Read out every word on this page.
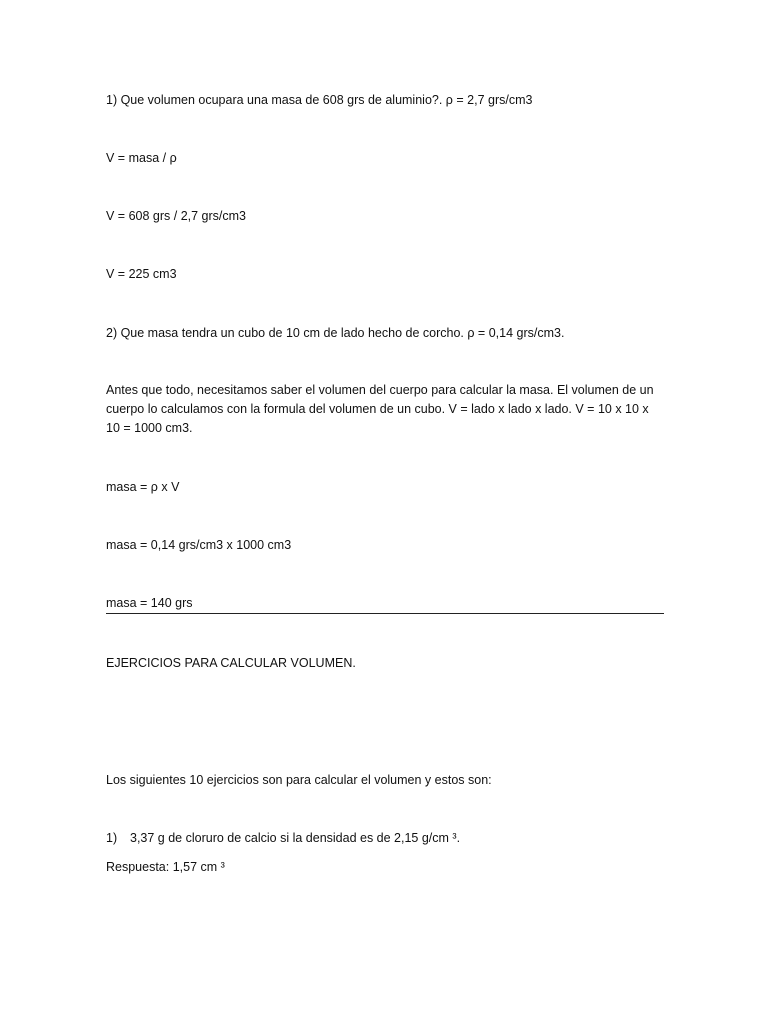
1) Que volumen ocupara una masa de 608 grs de aluminio?. ρ = 2,7 grs/cm3
V = masa / ρ
V = 608 grs / 2,7 grs/cm3
V = 225 cm3
2) Que masa tendra un cubo de 10 cm de lado hecho de corcho. ρ = 0,14 grs/cm3.
Antes que todo, necesitamos saber el volumen del cuerpo para calcular la masa. El volumen de un
cuerpo lo calculamos con la formula del volumen de un cubo. V = lado x lado x lado. V = 10 x 10 x
10 = 1000 cm3.
masa = ρ x V
masa = 0,14 grs/cm3 x 1000 cm3
masa = 140 grs
EJERCICIOS PARA CALCULAR VOLUMEN.
Los siguientes 10 ejercicios son para calcular el volumen y estos son:
1) 3,37 g de cloruro de calcio si la densidad es de 2,15 g/cm ³.
Respuesta: 1,57 cm ³
